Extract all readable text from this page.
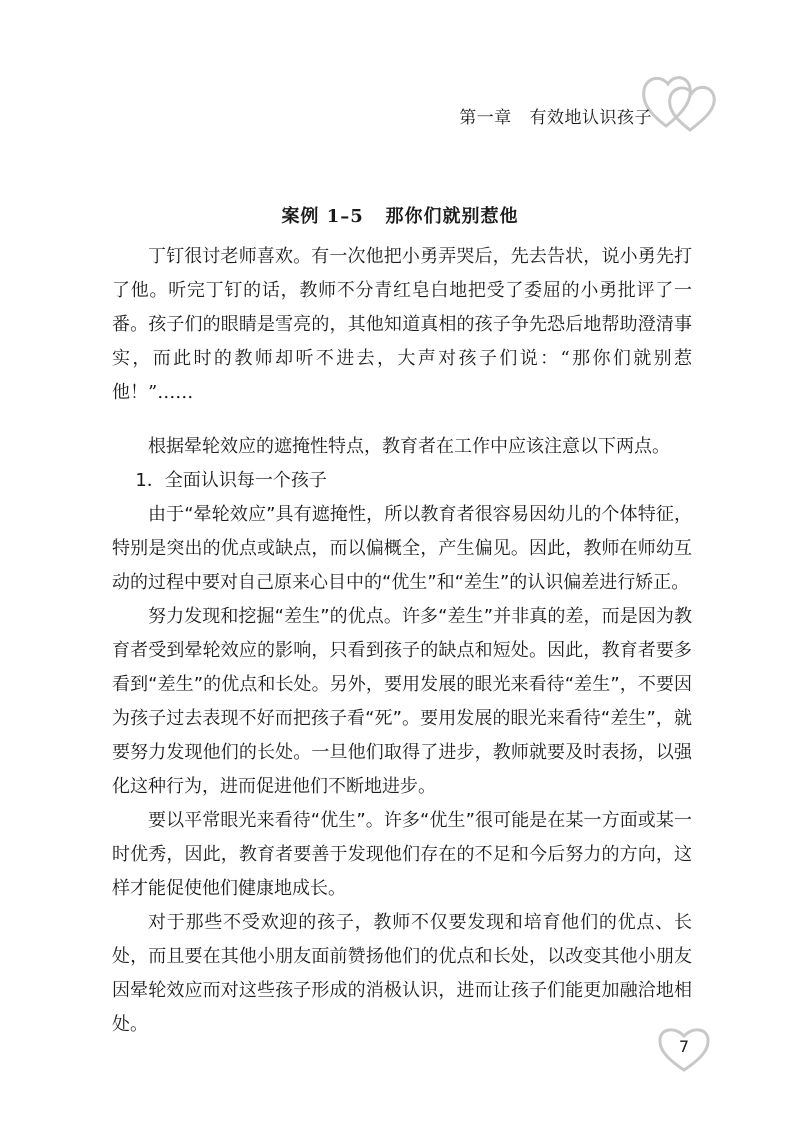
第一章   有效地认识孩子
案例 1–5   那你们就别惹他
丁钉很讨老师喜欢。有一次他把小勇弄哭后，先去告状，说小勇先打了他。听完丁钉的话，教师不分青红皂白地把受了委屈的小勇批评了一番。孩子们的眼睛是雪亮的，其他知道真相的孩子争先恐后地帮助澄清事实，而此时的教师却听不进去，大声对孩子们说：“那你们就别惹他！”……

根据晕轮效应的遮掩性特点，教育者在工作中应该注意以下两点。

1．全面认识每一个孩子

由于“晕轮效应”具有遮掩性，所以教育者很容易因幼儿的个体特征，特别是突出的优点或缺点，而以偏概全，产生偏见。因此，教师在师幼互动的过程中要对自己原来心目中的“优生”和“差生”的认识偏差进行矫正。

努力发现和挖掘“差生”的优点。许多“差生”并非真的差，而是因为教育者受到晕轮效应的影响，只看到孩子的缺点和短处。因此，教育者要多看到“差生”的优点和长处。另外，要用发展的眼光来看待“差生”，不要因为孩子过去表现不好而把孩子看“死”。要用发展的眼光来看待“差生”，就要努力发现他们的长处。一旦他们取得了进步，教师就要及时表扬，以强化这种行为，进而促进他们不断地进步。

要以平常眼光来看待“优生”。许多“优生”很可能是在某一方面或某一时优秀，因此，教育者要善于发现他们存在的不足和今后努力的方向，这样才能促使他们健康地成长。

对于那些不受欢迎的孩子，教师不仅要发现和培育他们的优点、长处，而且要在其他小朋友面前赞扬他们的优点和长处，以改变其他小朋友因晕轮效应而对这些孩子形成的消极认识，进而让孩子们能更加融洽地相处。

7
